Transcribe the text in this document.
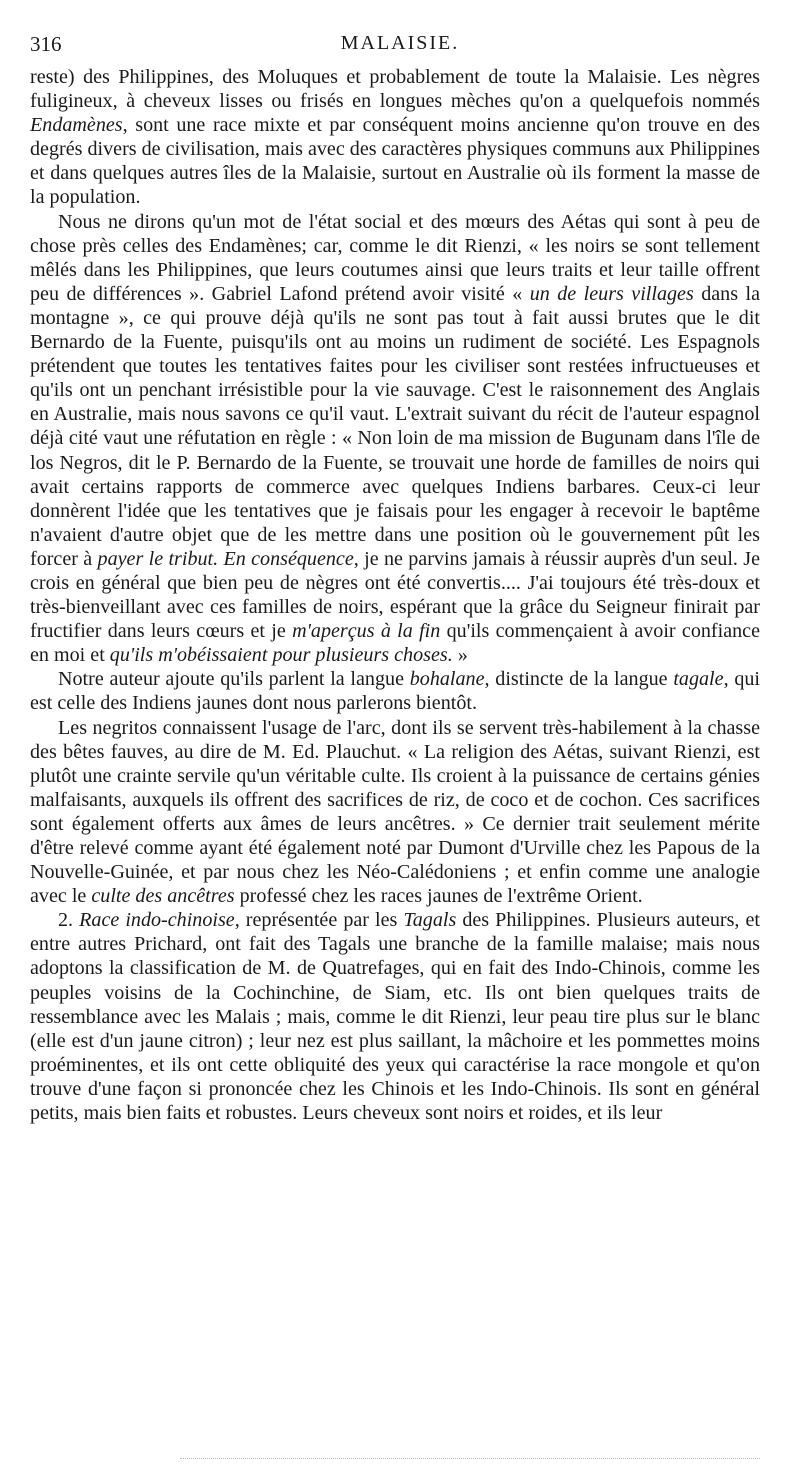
316	MALAISIE.

reste) des Philippines, des Moluques et probablement de toute la Malaisie. Les nègres fuligineux, à cheveux lisses ou frisés en longues mèches qu'on a quelquefois nommés Endamènes, sont une race mixte et par conséquent moins ancienne qu'on trouve en des degrés divers de civilisation, mais avec des caractères physiques communs aux Philippines et dans quelques autres îles de la Malaisie, surtout en Australie où ils forment la masse de la population.

Nous ne dirons qu'un mot de l'état social et des mœurs des Aétas qui sont à peu de chose près celles des Endamènes; car, comme le dit Rienzi, « les noirs se sont tellement mêlés dans les Philippines, que leurs coutumes ainsi que leurs traits et leur taille offrent peu de différences ». Gabriel Lafond prétend avoir visité « un de leurs villages dans la montagne », ce qui prouve déjà qu'ils ne sont pas tout à fait aussi brutes que le dit Bernardo de la Fuente, puisqu'ils ont au moins un rudiment de société. Les Espagnols prétendent que toutes les tentatives faites pour les civiliser sont restées infructueuses et qu'ils ont un penchant irrésistible pour la vie sauvage. C'est le raisonnement des Anglais en Australie, mais nous savons ce qu'il vaut. L'extrait suivant du récit de l'auteur espagnol déjà cité vaut une réfutation en règle : « Non loin de ma mission de Bugunam dans l'île de los Negros, dit le P. Bernardo de la Fuente, se trouvait une horde de familles de noirs qui avait certains rapports de commerce avec quelques Indiens barbares. Ceux-ci leur donnèrent l'idée que les tentatives que je faisais pour les engager à recevoir le baptême n'avaient d'autre objet que de les mettre dans une position où le gouvernement pût les forcer à payer le tribut. En conséquence, je ne parvins jamais à réussir auprès d'un seul. Je crois en général que bien peu de nègres ont été convertis.... J'ai toujours été très-doux et très-bienveillant avec ces familles de noirs, espérant que la grâce du Seigneur finirait par fructifier dans leurs cœurs et je m'aperçus à la fin qu'ils commençaient à avoir confiance en moi et qu'ils m'obéissaient pour plusieurs choses. »

Notre auteur ajoute qu'ils parlent la langue bohalane, distincte de la langue tagale, qui est celle des Indiens jaunes dont nous parlerons bientôt.

Les negritos connaissent l'usage de l'arc, dont ils se servent très-habilement à la chasse des bêtes fauves, au dire de M. Ed. Plauchut. « La religion des Aétas, suivant Rienzi, est plutôt une crainte servile qu'un véritable culte. Ils croient à la puissance de certains génies malfaisants, auxquels ils offrent des sacrifices de riz, de coco et de cochon. Ces sacrifices sont également offerts aux âmes de leurs ancêtres. » Ce dernier trait seulement mérite d'être relevé comme ayant été également noté par Dumont d'Urville chez les Papous de la Nouvelle-Guinée, et par nous chez les Néo-Calédoniens ; et enfin comme une analogie avec le culte des ancêtres professé chez les races jaunes de l'extrême Orient.

2. Race indo-chinoise, représentée par les Tagals des Philippines. Plusieurs auteurs, et entre autres Prichard, ont fait des Tagals une branche de la famille malaise; mais nous adoptons la classification de M. de Quatrefages, qui en fait des Indo-Chinois, comme les peuples voisins de la Cochinchine, de Siam, etc. Ils ont bien quelques traits de ressemblance avec les Malais ; mais, comme le dit Rienzi, leur peau tire plus sur le blanc (elle est d'un jaune citron) ; leur nez est plus saillant, la mâchoire et les pommettes moins proéminentes, et ils ont cette obliquité des yeux qui caractérise la race mongole et qu'on trouve d'une façon si prononcée chez les Chinois et les Indo-Chinois. Ils sont en général petits, mais bien faits et robustes. Leurs cheveux sont noirs et roides, et ils leur
